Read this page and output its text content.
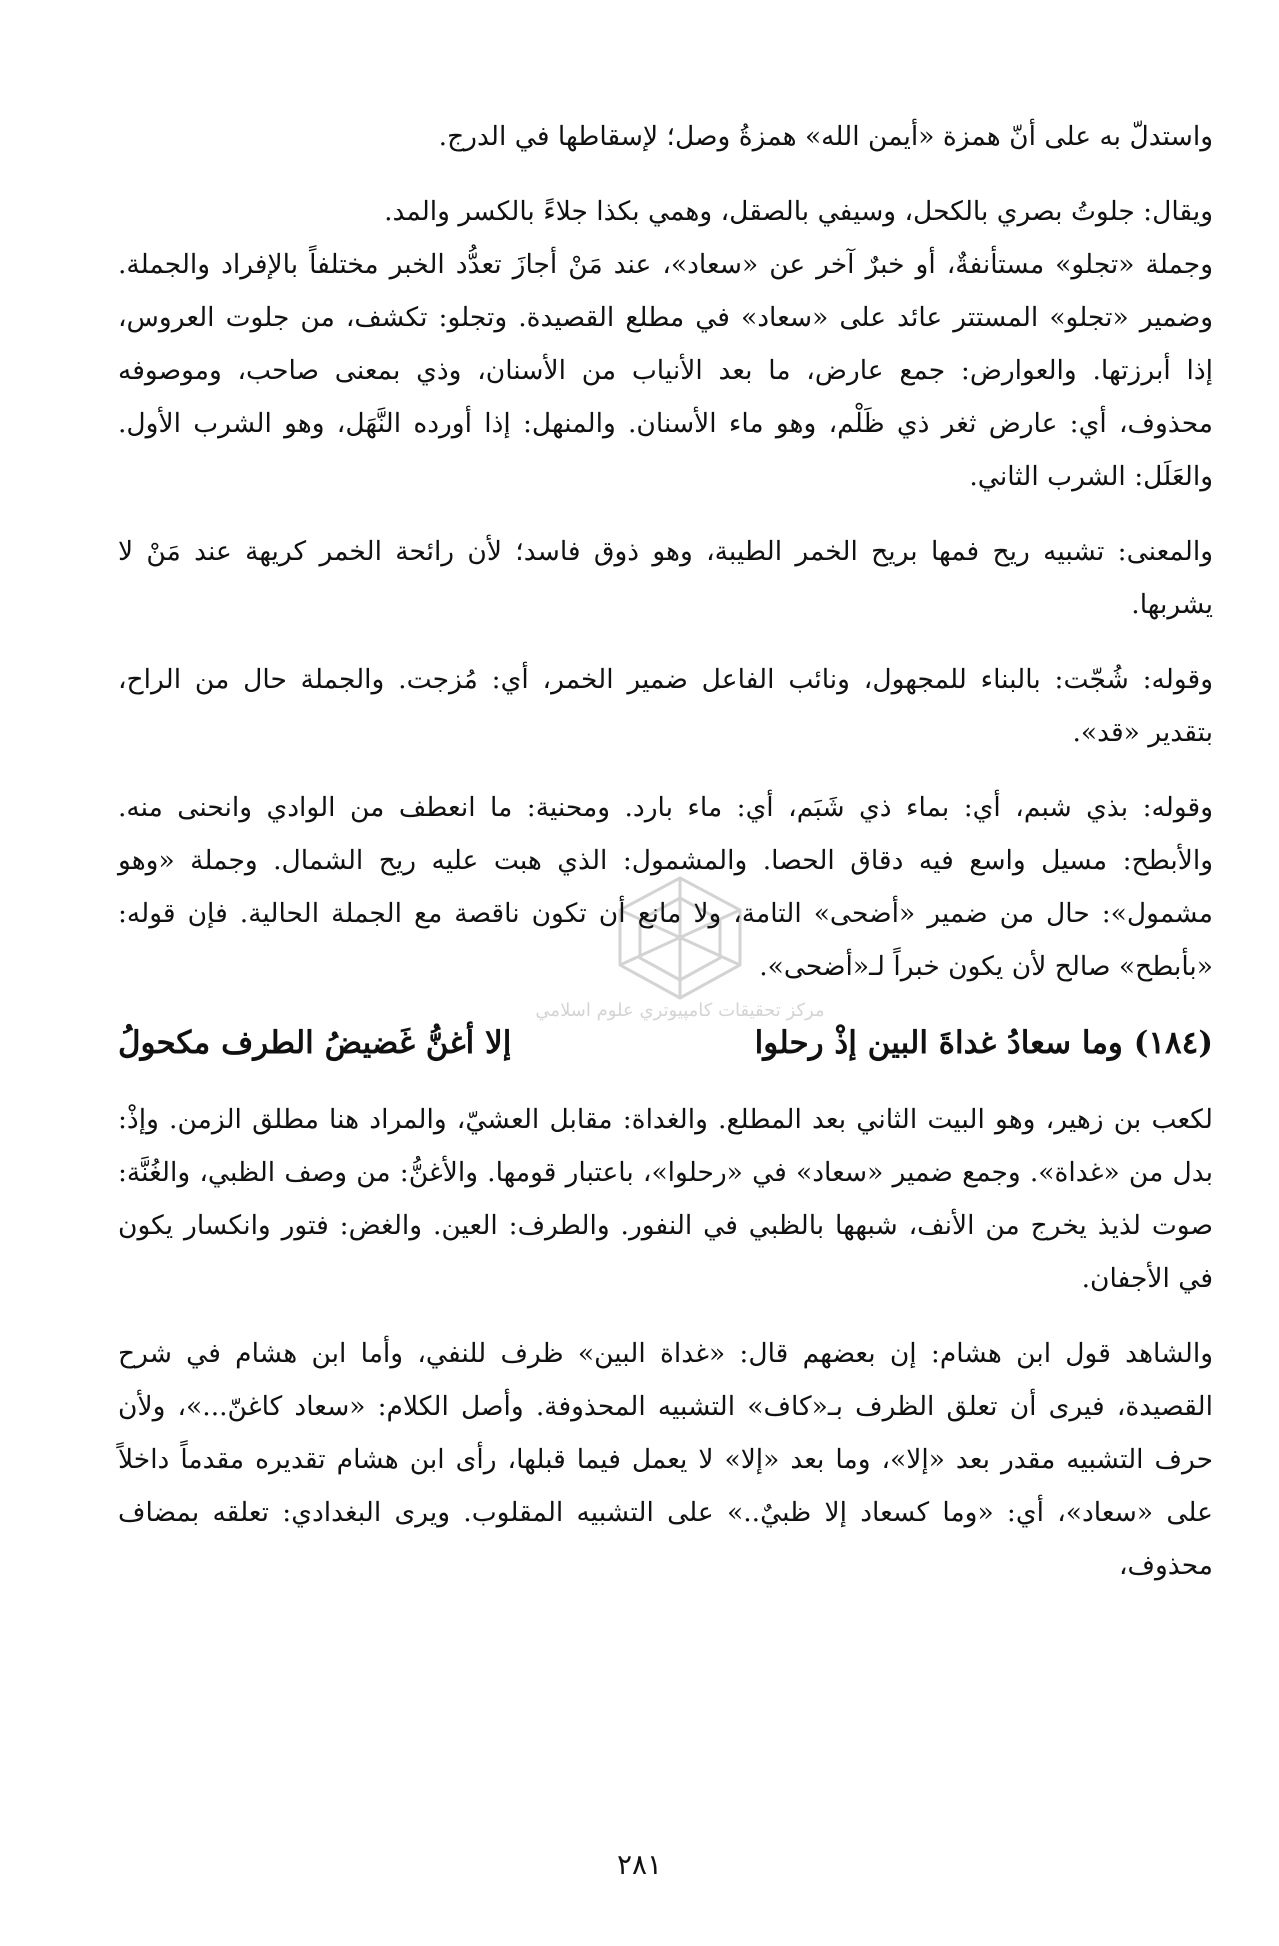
مركز تحقيقات كامپيوتري علوم اسلامي

واستدلّ به على أنّ همزة «أيمن الله» همزةُ وصل؛ لإسقاطها في الدرج.

ويقال: جلوتُ بصري بالكحل، وسيفي بالصقل، وهمي بكذا جلاءً بالكسر والمد.

وجملة «تجلو» مستأنفةٌ، أو خبرٌ آخر عن «سعاد»، عند مَنْ أجازَ تعدُّد الخبر مختلفاً بالإفراد والجملة. وضمير «تجلو» المستتر عائد على «سعاد» في مطلع القصيدة. وتجلو: تكشف، من جلوت العروس، إذا أبرزتها. والعوارض: جمع عارض، ما بعد الأنياب من الأسنان، وذي بمعنى صاحب، وموصوفه محذوف، أي: عارض ثغر ذي ظَلْم، وهو ماء الأسنان. والمنهل: إذا أورده النَّهَل، وهو الشرب الأول. والعَلَل: الشرب الثاني.

والمعنى: تشبيه ريح فمها بريح الخمر الطيبة، وهو ذوق فاسد؛ لأن رائحة الخمر كريهة عند مَنْ لا يشربها.

وقوله: شُجّت: بالبناء للمجهول، ونائب الفاعل ضمير الخمر، أي: مُزجت. والجملة حال من الراح، بتقدير «قد».

وقوله: بذي شبم، أي: بماء ذي شَبَم، أي: ماء بارد. ومحنية: ما انعطف من الوادي وانحنى منه. والأبطح: مسيل واسع فيه دقاق الحصا. والمشمول: الذي هبت عليه ريح الشمال. وجملة «وهو مشمول»: حال من ضمير «أضحى» التامة، ولا مانع أن تكون ناقصة مع الجملة الحالية. فإن قوله: «بأبطح» صالح لأن يكون خبراً لـ«أضحى».

(١٨٤) وما سعادُ غداةَ البين إذْ رحلوا
إلا أغنُّ غَضيضُ الطرف مكحولُ

لكعب بن زهير، وهو البيت الثاني بعد المطلع. والغداة: مقابل العشيّ، والمراد هنا مطلق الزمن. وإذْ: بدل من «غداة». وجمع ضمير «سعاد» في «رحلوا»، باعتبار قومها. والأغنُّ: من وصف الظبي، والغُنَّة: صوت لذيذ يخرج من الأنف، شبهها بالظبي في النفور. والطرف: العين. والغض: فتور وانكسار يكون في الأجفان.

والشاهد قول ابن هشام: إن بعضهم قال: «غداة البين» ظرف للنفي، وأما ابن هشام في شرح القصيدة، فيرى أن تعلق الظرف بـ«كاف» التشبيه المحذوفة. وأصل الكلام: «سعاد كاغنّ...»، ولأن حرف التشبيه مقدر بعد «إلا»، وما بعد «إلا» لا يعمل فيما قبلها، رأى ابن هشام تقديره مقدماً داخلاً على «سعاد»، أي: «وما كسعاد إلا ظبيٌ..» على التشبيه المقلوب. ويرى البغدادي: تعلقه بمضاف محذوف،

٢٨١
